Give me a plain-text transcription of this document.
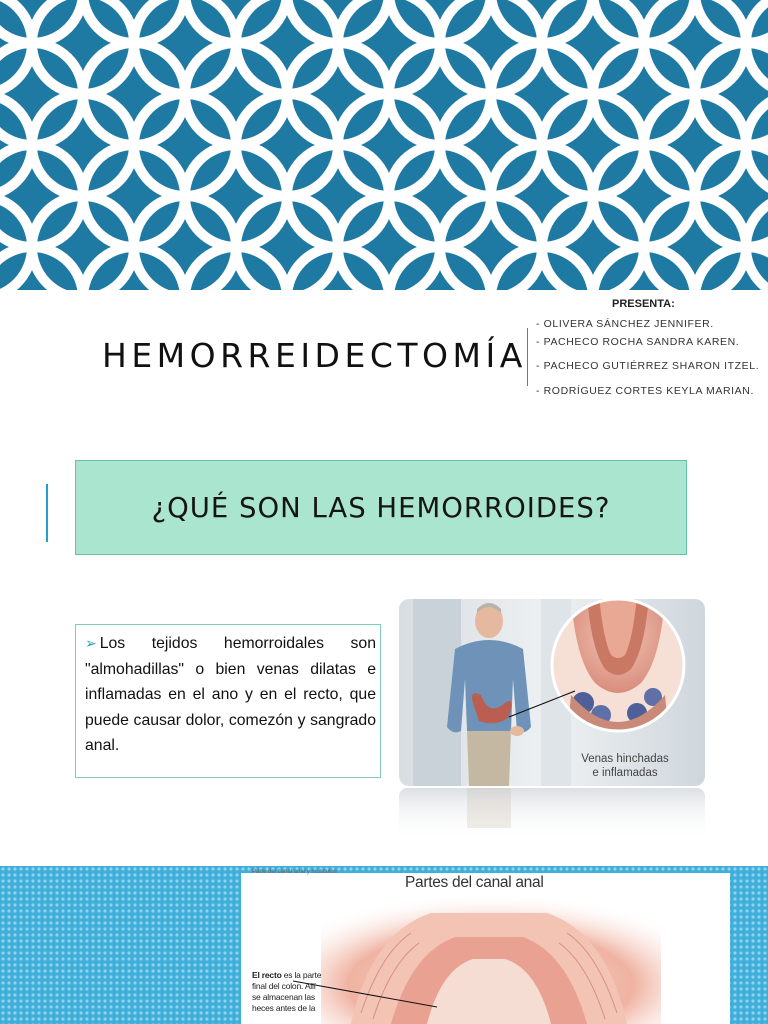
HEMORREIDECTOMÍA
PRESENTA:
- OLIVERA SÁNCHEZ JENNIFER.
- PACHECO ROCHA SANDRA KAREN.
- PACHECO GUTIÉRREZ SHARON ITZEL.
- RODRÍGUEZ CORTES KEYLA MARIAN.
¿QUÉ SON LAS HEMORROIDES?

➢ Los tejidos hemorroidales son "almohadillas" o bien venas dilatas e inflamadas en el ano y en el recto, que puede causar dolor, comezón y sangrado anal.

Venas hinchadas
e inflamadas
Parte del canal anal y musculos
Partes del canal anal
El recto es la parte final del colon. Allí se almacenan las heces antes de la
